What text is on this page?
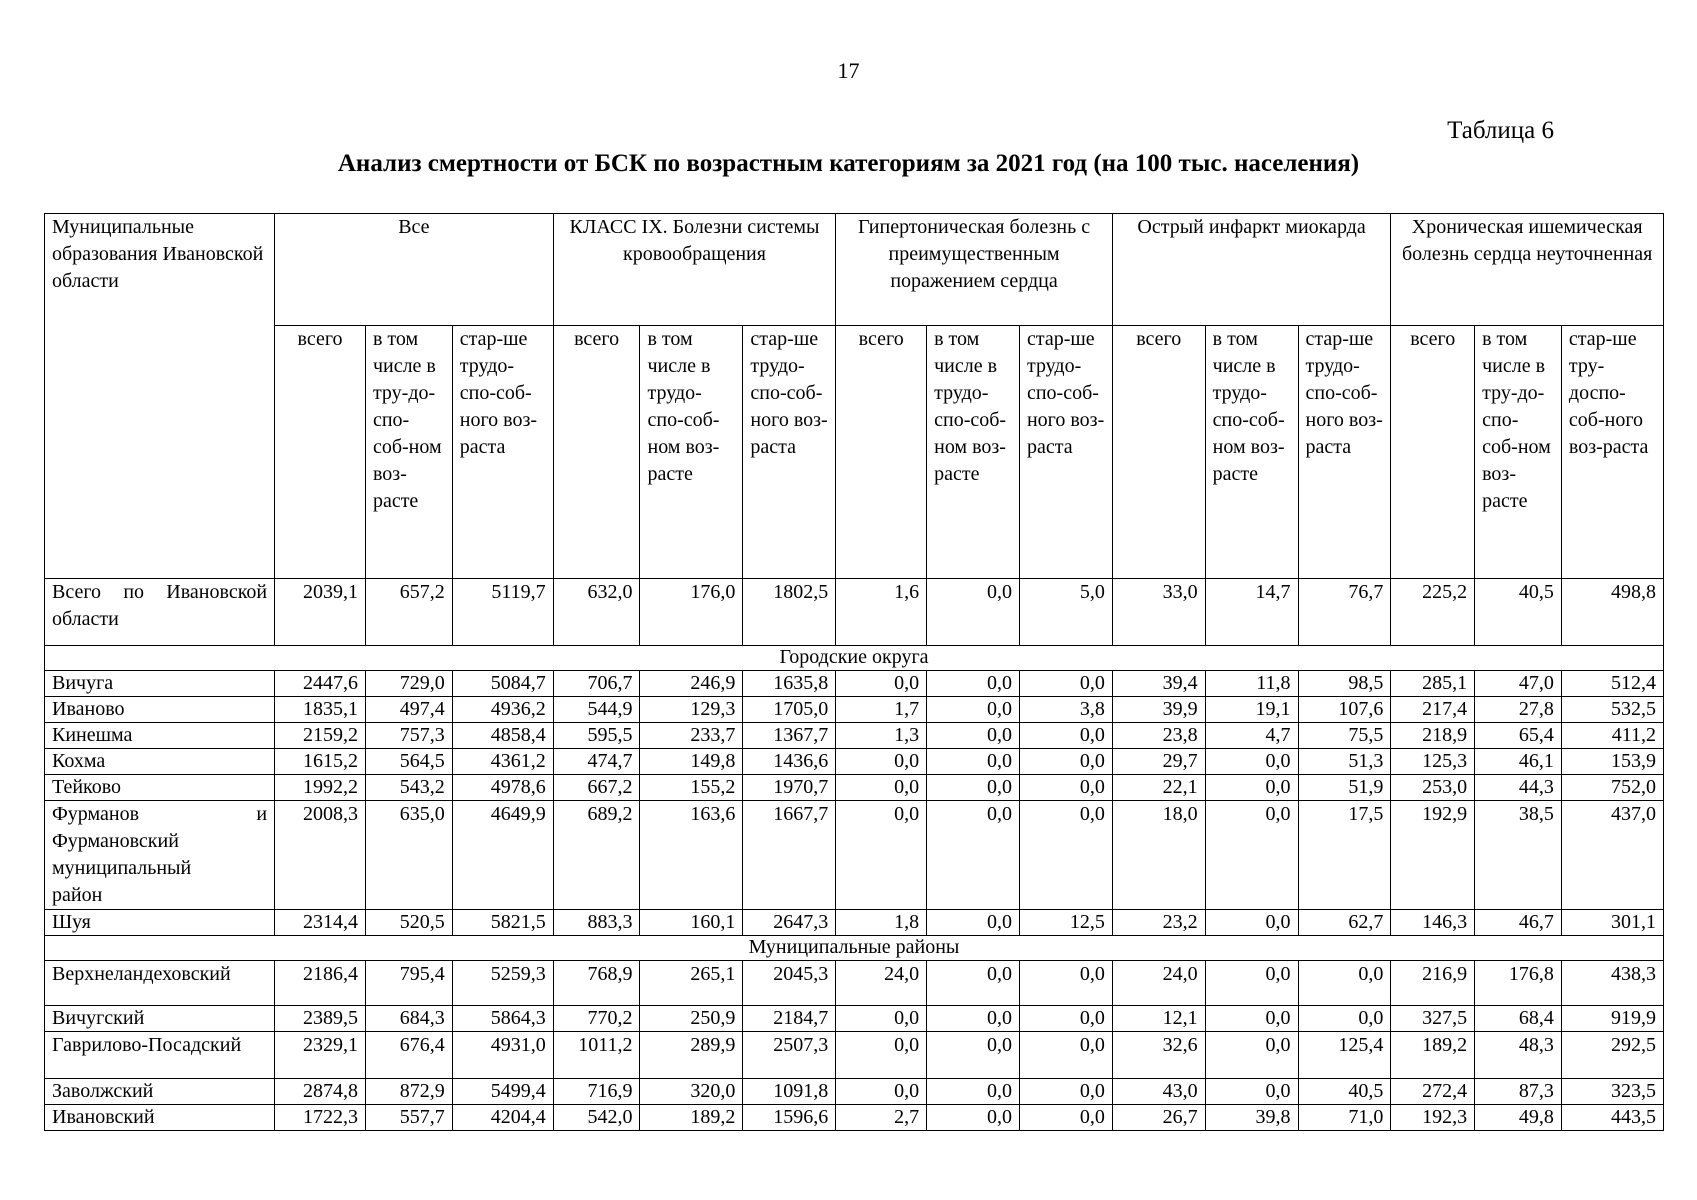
17
Таблица 6
Анализ смертности от БСК по возрастным категориям за 2021 год (на 100 тыс. населения)
Муниципальные образования Ивановской области	Все			КЛАСС IX. Болезни системы кровообращения			Гипертоническая болезнь с преимущественным поражением сердца			Острый инфаркт миокарда			Хроническая ишемическая болезнь сердца неуточненная		
	всего	в том числе в тру-до-спо-соб-ном воз-расте	стар-ше трудо-спо-соб-ного воз-раста	всего	в том числе в трудо-спо-соб-ном воз-расте	стар-ше трудо-спо-соб-ного воз-раста	всего	в том числе в трудо-спо-соб-ном воз-расте	стар-ше трудо-спо-соб-ного воз-раста	всего	в том числе в трудо-спо-соб-ном воз-расте	стар-ше трудо-спо-соб-ного воз-раста	всего	в том числе в тру-до-спо-соб-ном воз-расте	стар-ше тру-доспо-соб-ного воз-раста
Всего по Ивановской области	2039,1	657,2	5119,7	632,0	176,0	1802,5	1,6	0,0	5,0	33,0	14,7	76,7	225,2	40,5	498,8
Городские округа															
Вичуга	2447,6	729,0	5084,7	706,7	246,9	1635,8	0,0	0,0	0,0	39,4	11,8	98,5	285,1	47,0	512,4
Иваново	1835,1	497,4	4936,2	544,9	129,3	1705,0	1,7	0,0	3,8	39,9	19,1	107,6	217,4	27,8	532,5
Кинешма	2159,2	757,3	4858,4	595,5	233,7	1367,7	1,3	0,0	0,0	23,8	4,7	75,5	218,9	65,4	411,2
Кохма	1615,2	564,5	4361,2	474,7	149,8	1436,6	0,0	0,0	0,0	29,7	0,0	51,3	125,3	46,1	153,9
Тейково	1992,2	543,2	4978,6	667,2	155,2	1970,7	0,0	0,0	0,0	22,1	0,0	51,9	253,0	44,3	752,0

Фурманов и
Фурмановский
муниципальный
район	2008,3	635,0	4649,9	689,2	163,6	1667,7	0,0	0,0	0,0	18,0	0,0	17,5	192,9	38,5	437,0
Шуя	2314,4	520,5	5821,5	883,3	160,1	2647,3	1,8	0,0	12,5	23,2	0,0	62,7	146,3	46,7	301,1
Муниципальные районы															
Верхнеландеховский	2186,4	795,4	5259,3	768,9	265,1	2045,3	24,0	0,0	0,0	24,0	0,0	0,0	216,9	176,8	438,3
Вичугский	2389,5	684,3	5864,3	770,2	250,9	2184,7	0,0	0,0	0,0	12,1	0,0	0,0	327,5	68,4	919,9
Гаврилово-Посадский	2329,1	676,4	4931,0	1011,2	289,9	2507,3	0,0	0,0	0,0	32,6	0,0	125,4	189,2	48,3	292,5
Заволжский	2874,8	872,9	5499,4	716,9	320,0	1091,8	0,0	0,0	0,0	43,0	0,0	40,5	272,4	87,3	323,5
Ивановский	1722,3	557,7	4204,4	542,0	189,2	1596,6	2,7	0,0	0,0	26,7	39,8	71,0	192,3	49,8	443,5
